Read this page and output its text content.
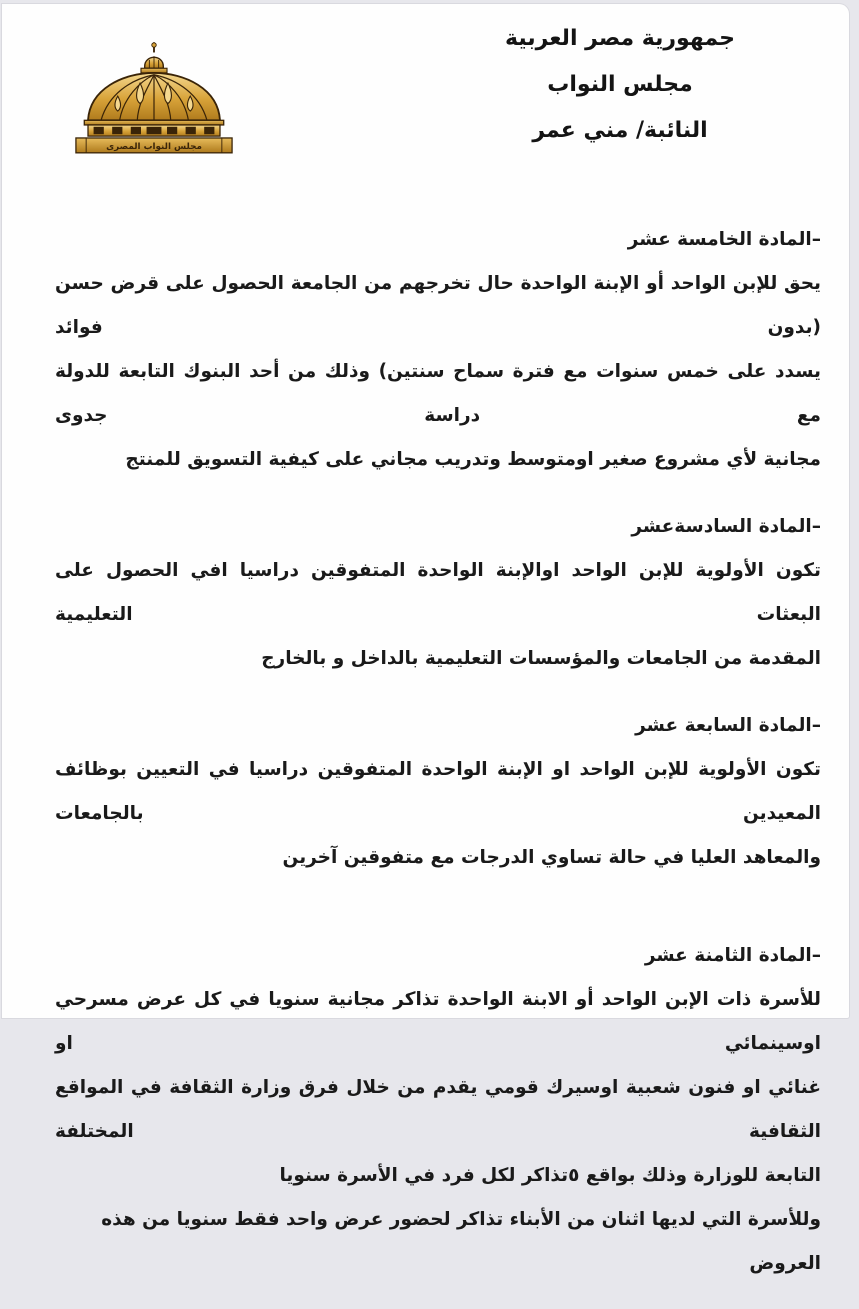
مجلس النواب المصرى
جمهورية مصر العربية
مجلس النواب
النائبة/ مني عمر
–المادة الخامسة عشر
يحق للإبن الواحد أو الإبنة الواحدة حال تخرجهم من الجامعة الحصول على قرض حسن (بدون فوائد
يسدد على خمس سنوات مع فترة سماح سنتين) وذلك من أحد البنوك التابعة للدولة مع دراسة جدوى
مجانية لأي مشروع صغير اومتوسط وتدريب مجاني على كيفية التسويق للمنتج
–المادة السادسةعشر
تكون الأولوية للإبن الواحد اوالإبنة الواحدة المتفوقين دراسيا افي الحصول على البعثات التعليمية
المقدمة من الجامعات والمؤسسات التعليمية بالداخل و بالخارج
–المادة السابعة عشر
تكون الأولوية للإبن الواحد او الإبنة الواحدة المتفوقين دراسيا في التعيين بوظائف المعيدين بالجامعات
والمعاهد العليا في حالة تساوي الدرجات مع متفوقين آخرين
–المادة الثامنة عشر
للأسرة ذات الإبن الواحد أو الابنة الواحدة تذاكر مجانية سنويا في كل عرض مسرحي اوسينمائي او
غنائي او فنون شعبية اوسيرك قومي يقدم من خلال فرق وزارة الثقافة في المواقع الثقافية المختلفة
التابعة للوزارة وذلك بواقع ٥تذاكر لكل فرد في الأسرة سنويا
وللأسرة التي لديها اثنان من الأبناء تذاكر لحضور عرض واحد فقط سنويا من هذه العروض
